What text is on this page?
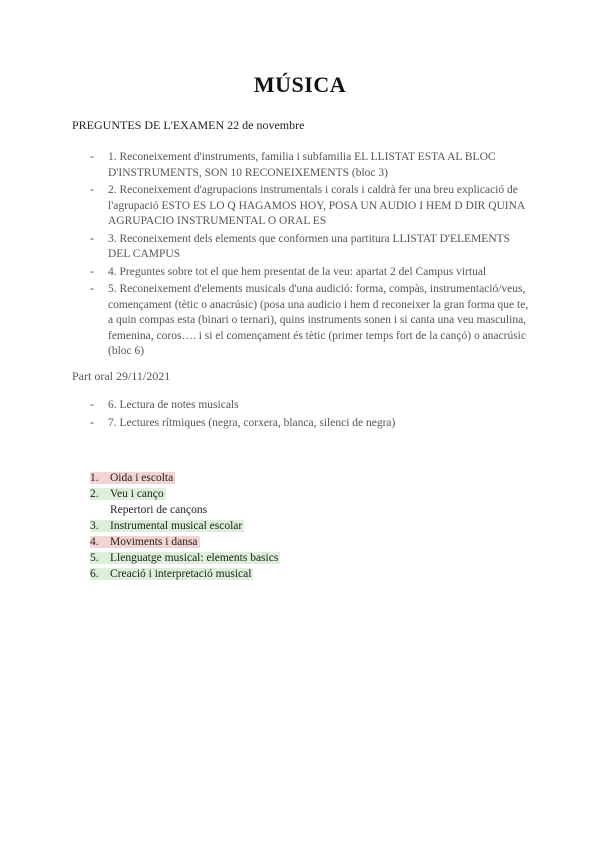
MÚSICA
PREGUNTES DE L'EXAMEN 22 de novembre
- 1. Reconeixement d'instruments, familia i subfamilia EL LLISTAT ESTA AL BLOC D'INSTRUMENTS, SON 10 RECONEIXEMENTS (bloc 3)
- 2. Reconeixement d'agrupacions instrumentals i corals i caldrà fer una breu explicació de l'agrupació ESTO ES LO Q HAGAMOS HOY, POSA UN AUDIO I HEM D DIR QUINA AGRUPACIO INSTRUMENTAL O ORAL ES
- 3. Reconeixement dels elements que conformen una partitura LLISTAT D'ELEMENTS DEL CAMPUS
- 4. Preguntes sobre tot el que hem presentat de la veu: apartat 2 del Campus virtual
- 5. Reconeixement d'elements musicals d'una audició: forma, compàs, instrumentació/veus, començament (tètic o anacrúsic) (posa una audicio i hem d reconeixer la gran forma que te, a quin compas esta (binari o ternari), quins instruments sonen i si canta una veu masculina, femenina, coros…. i si el començament és tètic (primer temps fort de la cançó) o anacrúsic (bloc 6)
Part oral 29/11/2021
- 6. Lectura de notes musicals
- 7. Lectures rítmiques (negra, corxera, blanca, silenci de negra)
1. Oida i escolta
2. Veu i canço
Repertori de cançons
3. Instrumental musical escolar
4. Moviments i dansa
5. Llenguatge musical: elements basics
6. Creació i interpretació musical
